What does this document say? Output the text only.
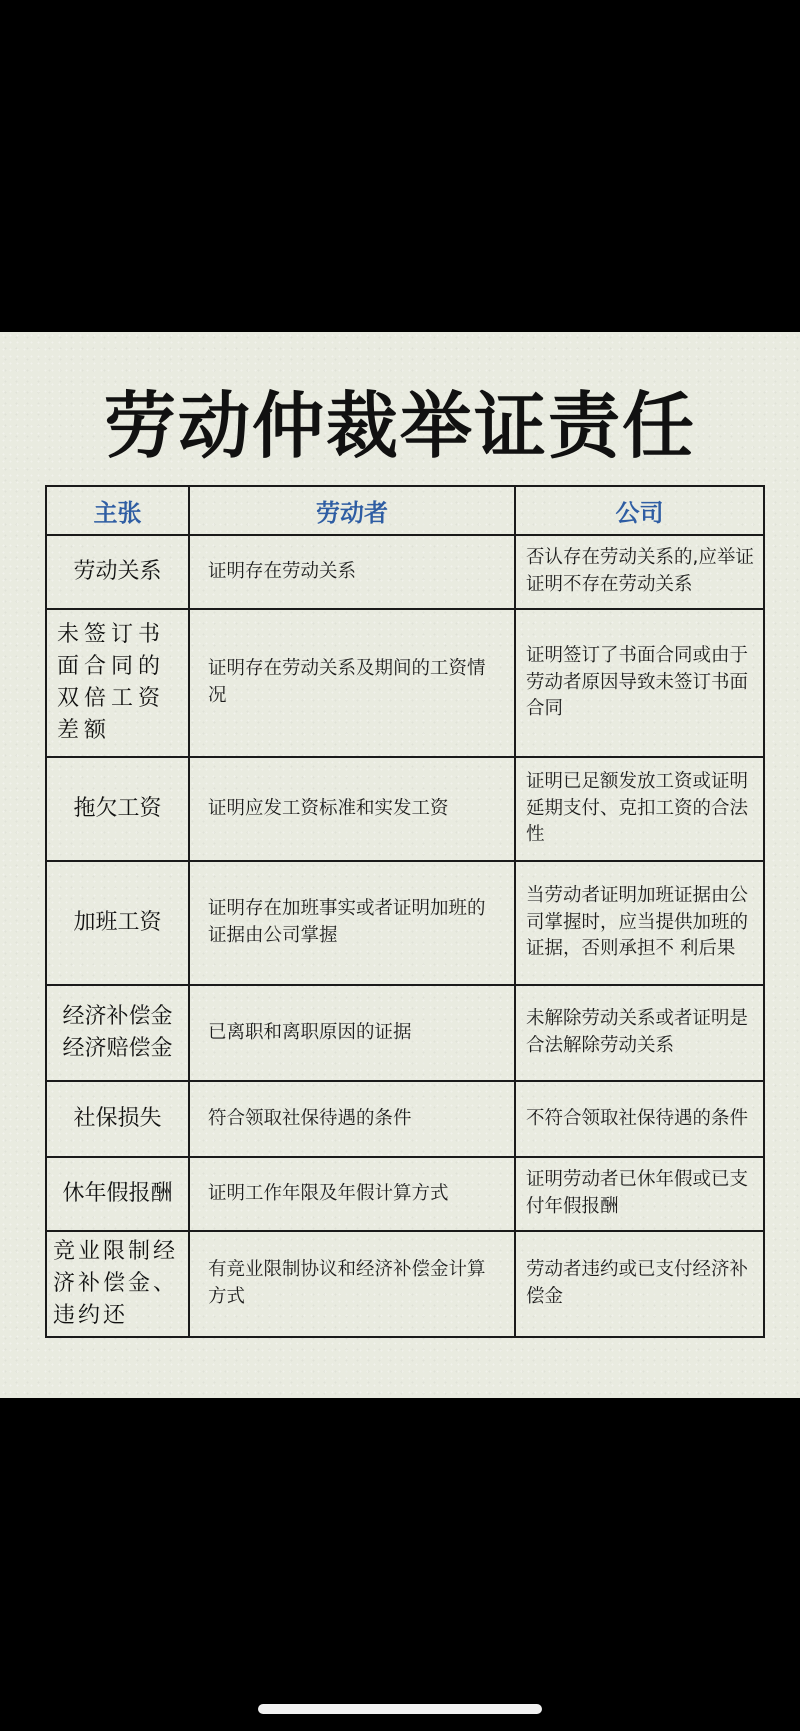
劳动仲裁举证责任
主张	劳动者	公司
劳动关系	证明存在劳动关系	否认存在劳动关系的,应举证证明不存在劳动关系
未签订书面合同的双倍工资差额	证明存在劳动关系及期间的工资情况	证明签订了书面合同或由于劳动者原因导致未签订书面合同
拖欠工资	证明应发工资标准和实发工资	证明已足额发放工资或证明延期支付、克扣工资的合法性
加班工资	证明存在加班事实或者证明加班的证据由公司掌握	当劳动者证明加班证据由公司掌握时，应当提供加班的证据，否则承担不 利后果
经济补偿金经济赔偿金	已离职和离职原因的证据	未解除劳动关系或者证明是合法解除劳动关系
社保损失	符合领取社保待遇的条件	不符合领取社保待遇的条件
休年假报酬	证明工作年限及年假计算方式	证明劳动者已休年假或已支付年假报酬
竞业限制经济补偿金、违约还	有竞业限制协议和经济补偿金计算方式	劳动者违约或已支付经济补偿金
